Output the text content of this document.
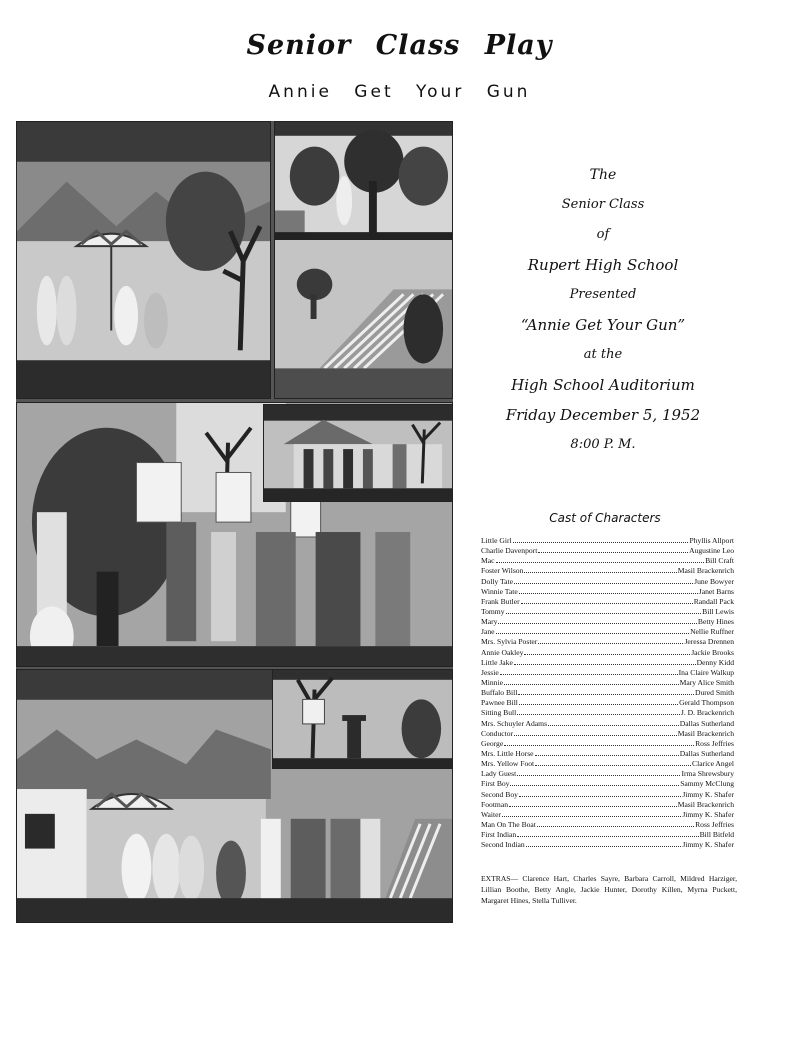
Senior Class Play
Annie Get Your Gun
The
Senior Class
of
Rupert High School
Presented
“Annie Get Your Gun”
at the
High School Auditorium
Friday December 5, 1952
8:00 P. M.
Cast of Characters
Little Girl	Phyllis Allport
Charlie Davenport	Augustine Leo
Mac	Bill Craft
Foster Wilson	Masil Brackenrich
Dolly Tate	June Bowyer
Winnie Tate	Janet Barns
Frank Butler	Randall Pack
Tommy	Bill Lewis
Mary	Betty Hines
Jane	Nellie Ruffner
Mrs. Sylvia Poster	Jeressa Drennen
Annie Oakley	Jackie Brooks
Little Jake	Denny Kidd
Jessie	Ina Claire Walkup
Minnie	Mary Alice Smith
Buffalo Bill	Dured Smith
Pawnee Bill	Gerald Thompson
Sitting Bull	J. D. Brackenrich
Mrs. Schuyler Adams	Dallas Sutherland
Conductor	Masil Brackenrich
George	Ross Jeffries
Mrs. Little Horse	Dallas Sutherland
Mrs. Yellow Foot	Clarice Angel
Lady Guest	Irma Shrewsbury
First Boy	Sammy McClung
Second Boy	Jimmy K. Shafer
Footman	Masil Brackenrich
Waiter	Jimmy K. Shafer
Man On The Boat	Ross Jeffries
First Indian	Bill Bitfeld
Second Indian	Jimmy K. Shafer
EXTRAS— Clarence Hart, Charles Sayre, Barbara Carroll, Mildred Harziger, Lillian Boothe, Betty Angle, Jackie Hunter, Dorothy Killen, Myrna Puckett, Margaret Hines, Stella Tulliver.
